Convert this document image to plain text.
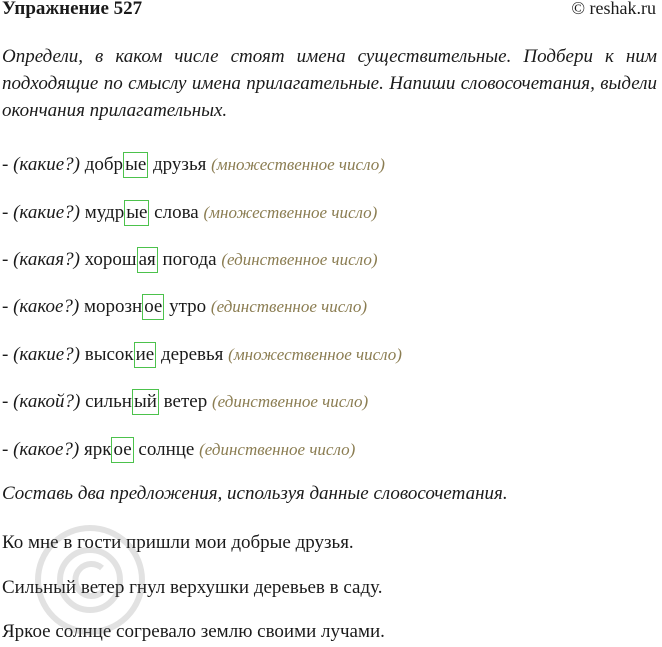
Упражнение 527	© reshak.ru
Определи, в каком числе стоят имена существительные. Подбери к ним подходящие по смыслу имена прилагательные. Напиши словосочетания, выдели окончания прилагательных.
- (какие?) добр ые друзья (множественное число)
- (какие?) мудр ые слова (множественное число)
- (какая?) хорош ая погода (единственное число)
- (какое?) морозн ое утро (единственное число)
- (какие?) высок ие деревья (множественное число)
- (какой?) сильн ый ветер (единственное число)
- (какое?) ярк ое солнце (единственное число)
Составь два предложения, используя данные словосочетания.
Ко мне в гости пришли мои добрые друзья.
Сильный ветер гнул верхушки деревьев в саду.
Яркое солнце согревало землю своими лучами.
